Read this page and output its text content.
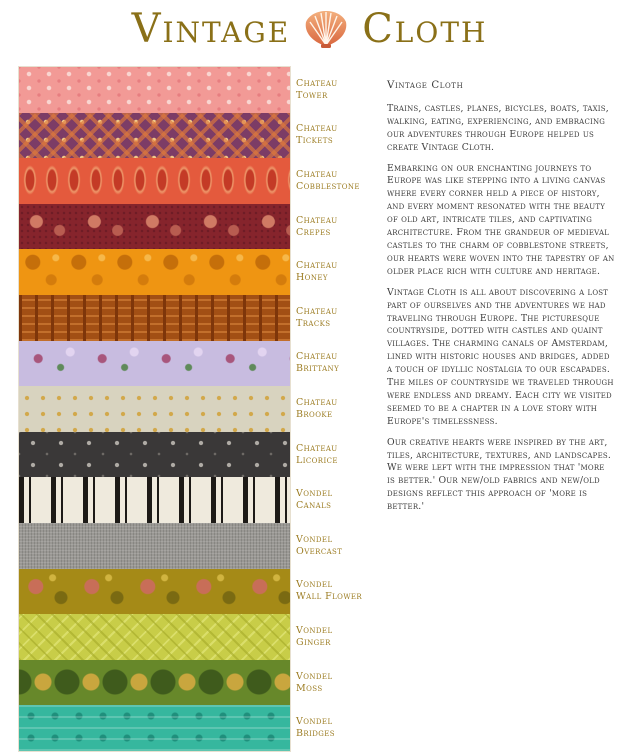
Vintage Cloth
Chateau
Tower
Chateau
Tickets
Chateau
Cobblestone
Chateau
Crepes
Chateau
Honey
Chateau
Tracks
Chateau
Brittany
Chateau
Brooke
Chateau
Licorice
Vondel
Canals
Vondel
Overcast
Vondel
Wall Flower
Vondel
Ginger
Vondel
Moss
Vondel
Bridges

Vintage Cloth

Trains, castles, planes, bicycles, boats, taxis, walking, eating, experiencing, and embracing our adventures through Europe helped us create Vintage Cloth.

Embarking on our enchanting journeys to Europe was like stepping into a living canvas where every corner held a piece of history, and every moment resonated with the beauty of old art, intricate tiles, and captivating architecture. From the grandeur of medieval castles to the charm of cobblestone streets, our hearts were woven into the tapestry of an older place rich with culture and heritage.

Vintage Cloth is all about discovering a lost part of ourselves and the adventures we had traveling through Europe. The picturesque countryside, dotted with castles and quaint villages. The charming canals of Amsterdam, lined with historic houses and bridges, added a touch of idyllic nostalgia to our escapades. The miles of countryside we traveled through were endless and dreamy. Each city we visited seemed to be a chapter in a love story with Europe's timelessness.

Our creative hearts were inspired by the art, tiles, architecture, textures, and landscapes. We were left with the impression that 'more is better.' Our new/old fabrics and new/old designs reflect this approach of 'more is better.'
